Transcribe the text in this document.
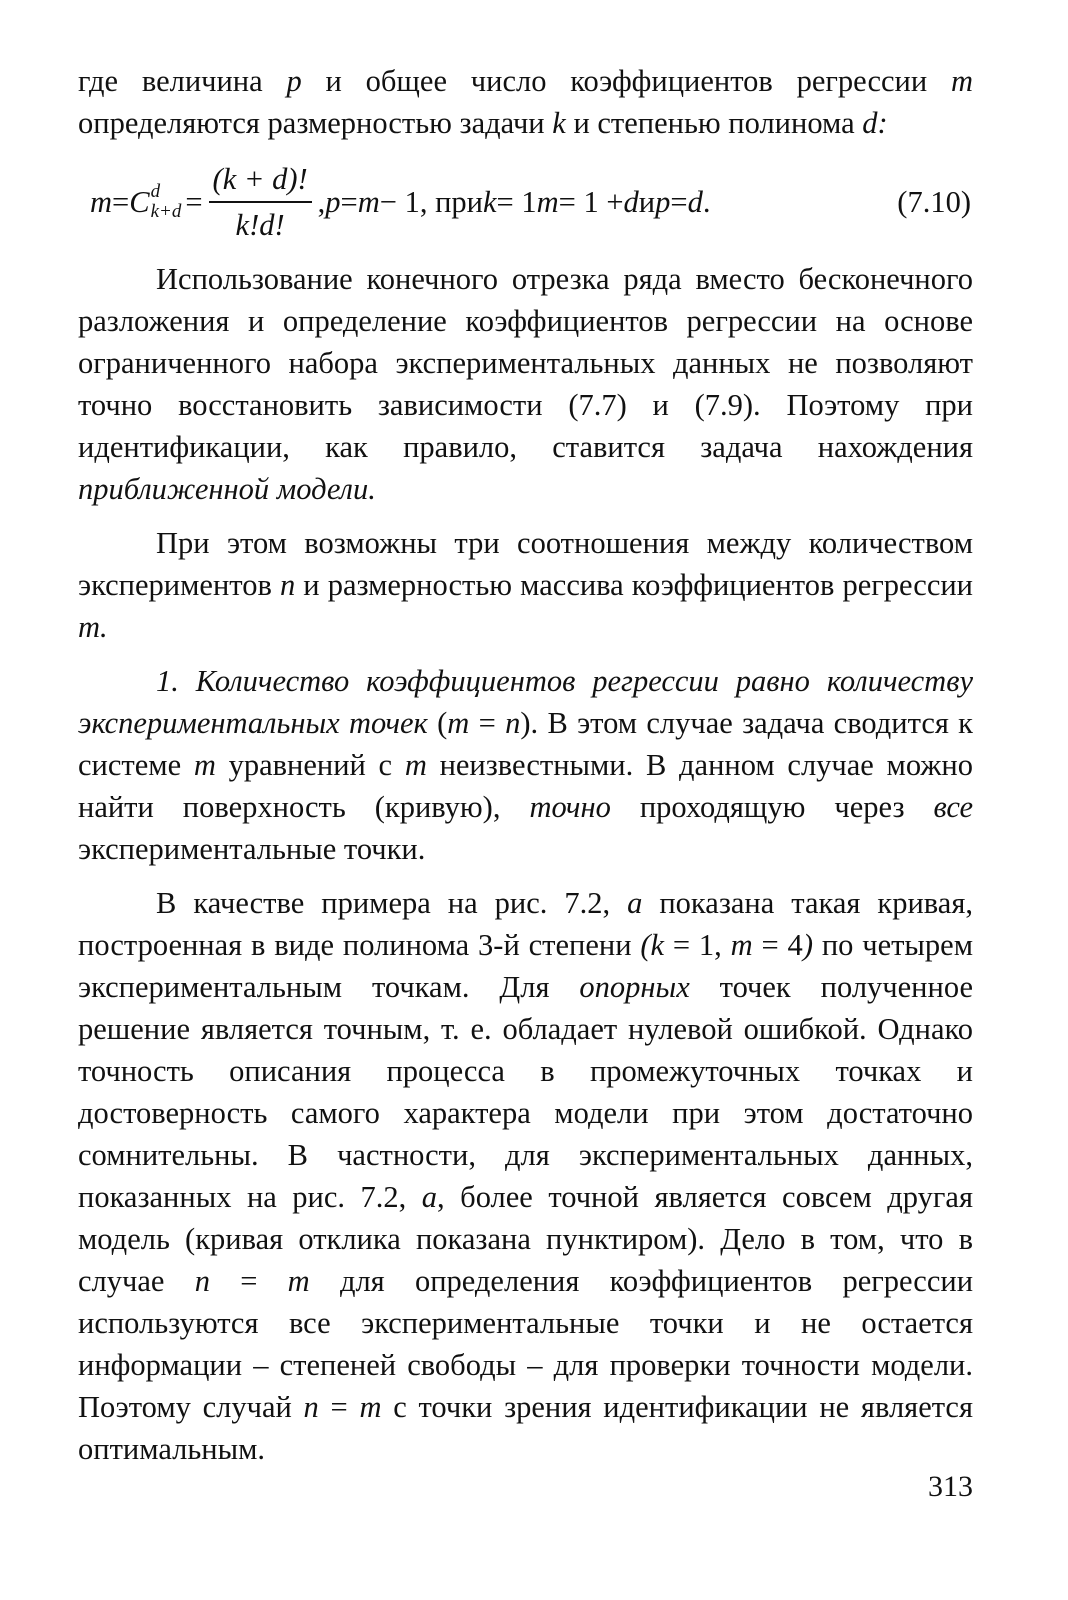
где величина p и общее число коэффициентов регрессии m определяются размерностью задачи k и степенью полинома d:

m = C d
$k+d = \frac{(k + d)!}{k!d!}$ , p = m − 1, при k = 1 m = 1 + d и p = d .	(7.10)

Использование конечного отрезка ряда вместо бесконечного разложения и определение коэффициентов регрессии на основе ограниченного набора экспериментальных данных не позволяют точно восстановить зависимости (7.7) и (7.9). Поэтому при идентификации, как правило, ставится задача нахождения приближенной модели.

При этом возможны три соотношения между количеством экспериментов n и размерностью массива коэффициентов регрессии m.

1. Количество коэффициентов регрессии равно количеству экспериментальных точек (m = n). В этом случае задача сводится к системе m уравнений с m неизвестными. В данном случае можно найти поверхность (кривую), точно проходящую через все экспериментальные точки.

В качестве примера на рис. 7.2, а показана такая кривая, построенная в виде полинома 3-й степени (k = 1, m = 4) по четырем экспериментальным точкам. Для опорных точек полученное решение является точным, т. е. обладает нулевой ошибкой. Однако точность описания процесса в промежуточных точках и достоверность самого характера модели при этом достаточно сомнительны. В частности, для экспериментальных данных, показанных на рис. 7.2, а, более точной является совсем другая модель (кривая отклика показана пунктиром). Дело в том, что в случае n = m для определения коэффициентов регрессии используются все экспериментальные точки и не остается информации – степеней свободы – для проверки точности модели. Поэтому случай n = m с точки зрения идентификации не является оптимальным.

313
